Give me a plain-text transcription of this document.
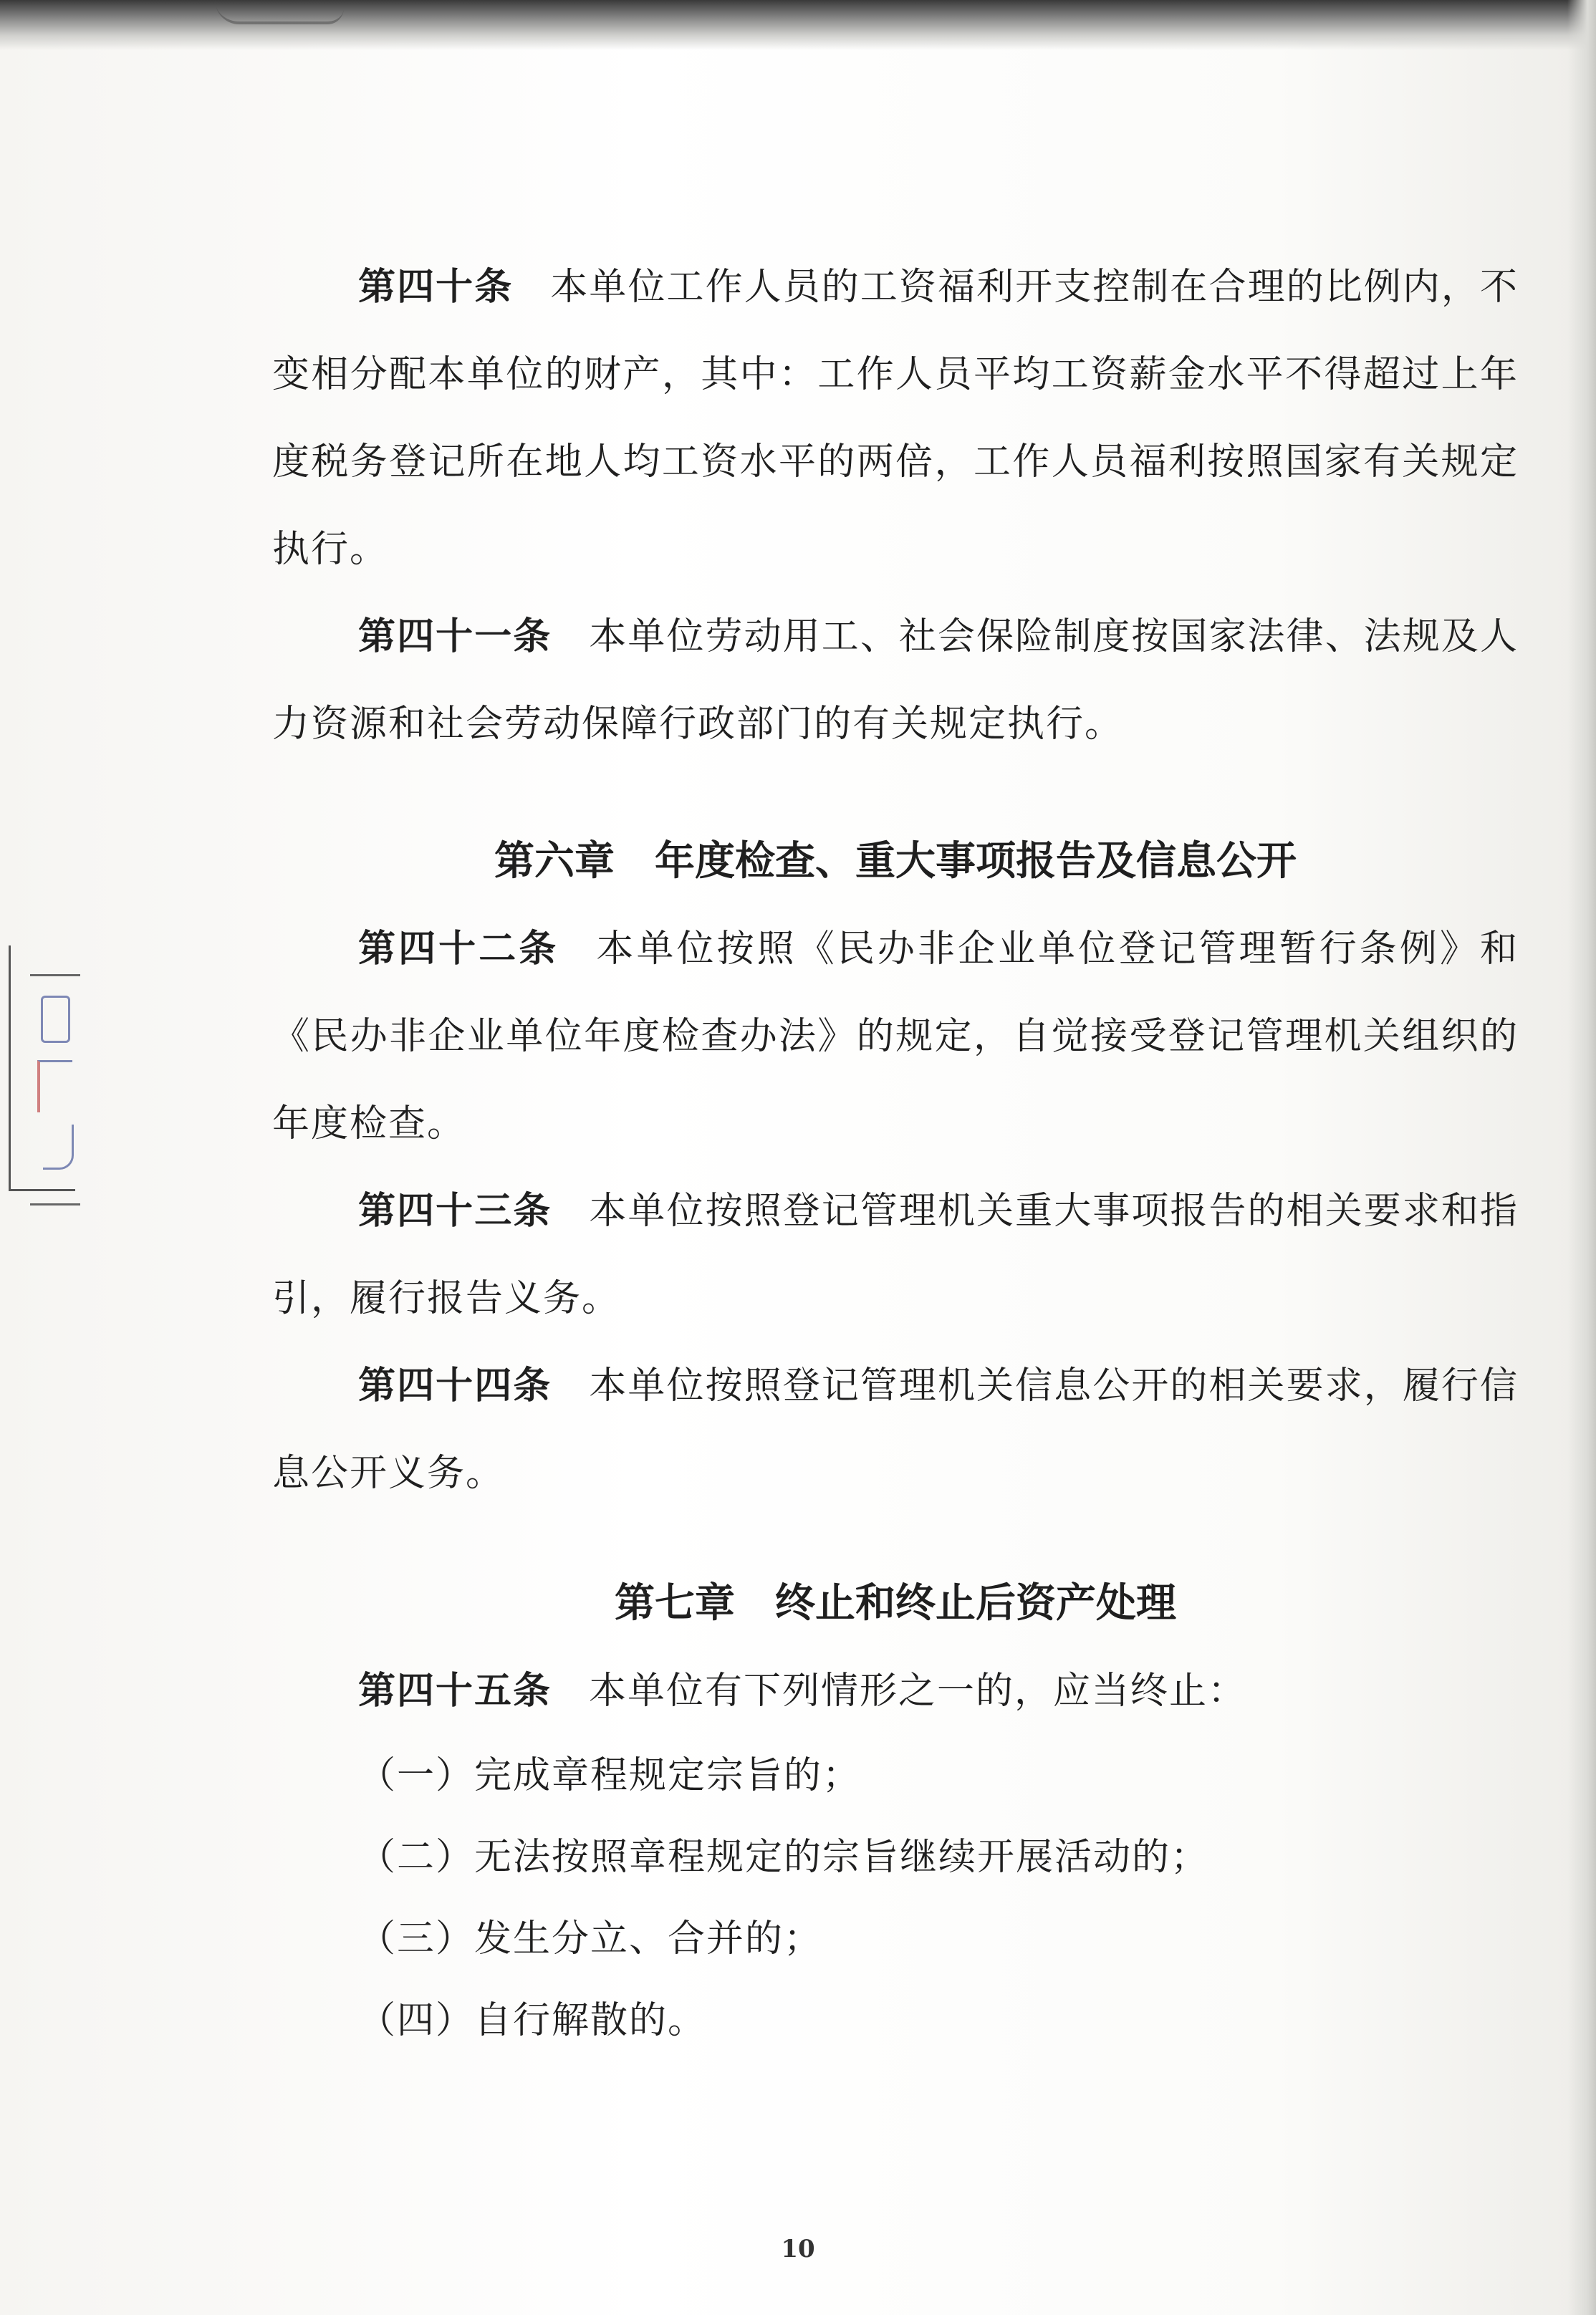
第四十条 本单位工作人员的工资福利开支控制在合理的比例内，不变相分配本单位的财产，其中：工作人员平均工资薪金水平不得超过上年度税务登记所在地人均工资水平的两倍，工作人员福利按照国家有关规定执行。

第四十一条 本单位劳动用工、社会保险制度按国家法律、法规及人力资源和社会劳动保障行政部门的有关规定执行。

第六章 年度检查、重大事项报告及信息公开

第四十二条 本单位按照《民办非企业单位登记管理暂行条例》和《民办非企业单位年度检查办法》的规定，自觉接受登记管理机关组织的年度检查。

第四十三条 本单位按照登记管理机关重大事项报告的相关要求和指引，履行报告义务。

第四十四条 本单位按照登记管理机关信息公开的相关要求，履行信息公开义务。

第七章 终止和终止后资产处理

第四十五条 本单位有下列情形之一的，应当终止：

（一）完成章程规定宗旨的；

（二）无法按照章程规定的宗旨继续开展活动的；

（三）发生分立、合并的；

（四）自行解散的。

10
